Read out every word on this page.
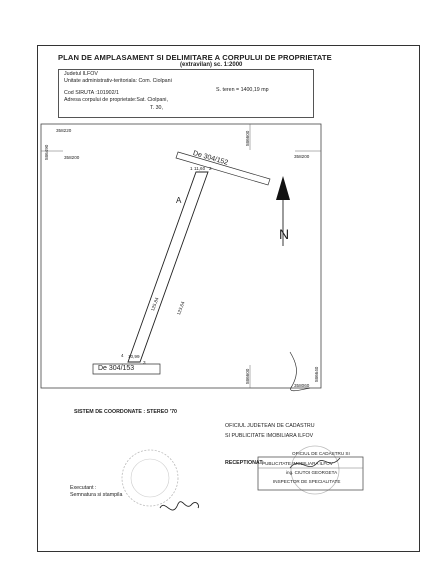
PLAN DE AMPLASAMENT SI DELIMITARE A CORPULUI DE PROPRIETATE
(extravilan) sc. 1:2000
Judetul ILFOV
Unitate administrativ-teritoriala: Com. Ciolpani
Cod SIRUTA :101902/1
Adresa corpului de proprietate:Sat. Ciolpani,
T. 30,
S. teren = 1400,19 mp
358220
586490	358200
586600
358200
586600	586640
358060
De 304/152
De 304/153
A
11,60
125,84	123,64
10,99
1	2
3
4
N
SISTEM DE COORDONATE : STEREO '70
OFICIUL JUDETEAN DE CADASTRU
SI PUBLICITATE IMOBILIARA ILFOV
RECEPTIONAT:
OFICIUL DE CADASTRU SI
PUBLICITATE IMOBILIARA ILFOV
ing. CIUTOI GEORGETA
INSPECTOR DE SPECIALITATE
Executant :
Semnatura si stampila
